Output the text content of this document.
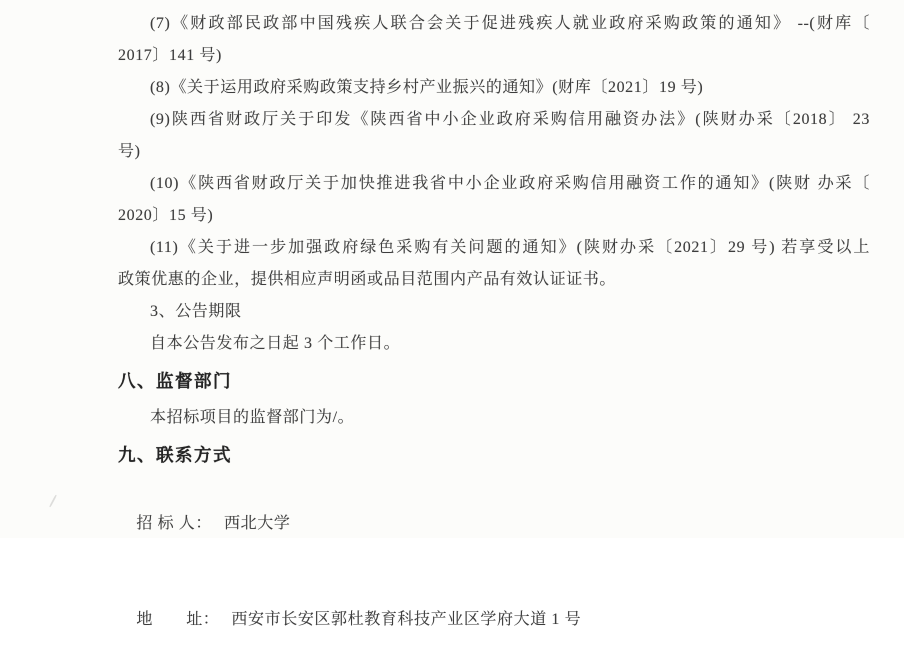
(7)《财政部民政部中国残疾人联合会关于促进残疾人就业政府采购政策的通知》 --(财库〔

2017〕141 号)

(8)《关于运用政府采购政策支持乡村产业振兴的通知》(财库〔2021〕19 号)

(9)陕西省财政厅关于印发《陕西省中小企业政府采购信用融资办法》(陕财办采〔2018〕 23

号)

(10)《陕西省财政厅关于加快推进我省中小企业政府采购信用融资工作的通知》(陕财 办采〔

2020〕15 号)

(11)《关于进一步加强政府绿色采购有关问题的通知》(陕财办采〔2021〕29 号) 若享受以上

政策优惠的企业，提供相应声明函或品目范围内产品有效认证证书。

3、公告期限

自本公告发布之日起 3 个工作日。

八、监督部门

本招标项目的监督部门为/。

九、联系方式

招 标 人： 西北大学

地　　址： 西安市长安区郭杜教育科技产业区学府大道 1 号
